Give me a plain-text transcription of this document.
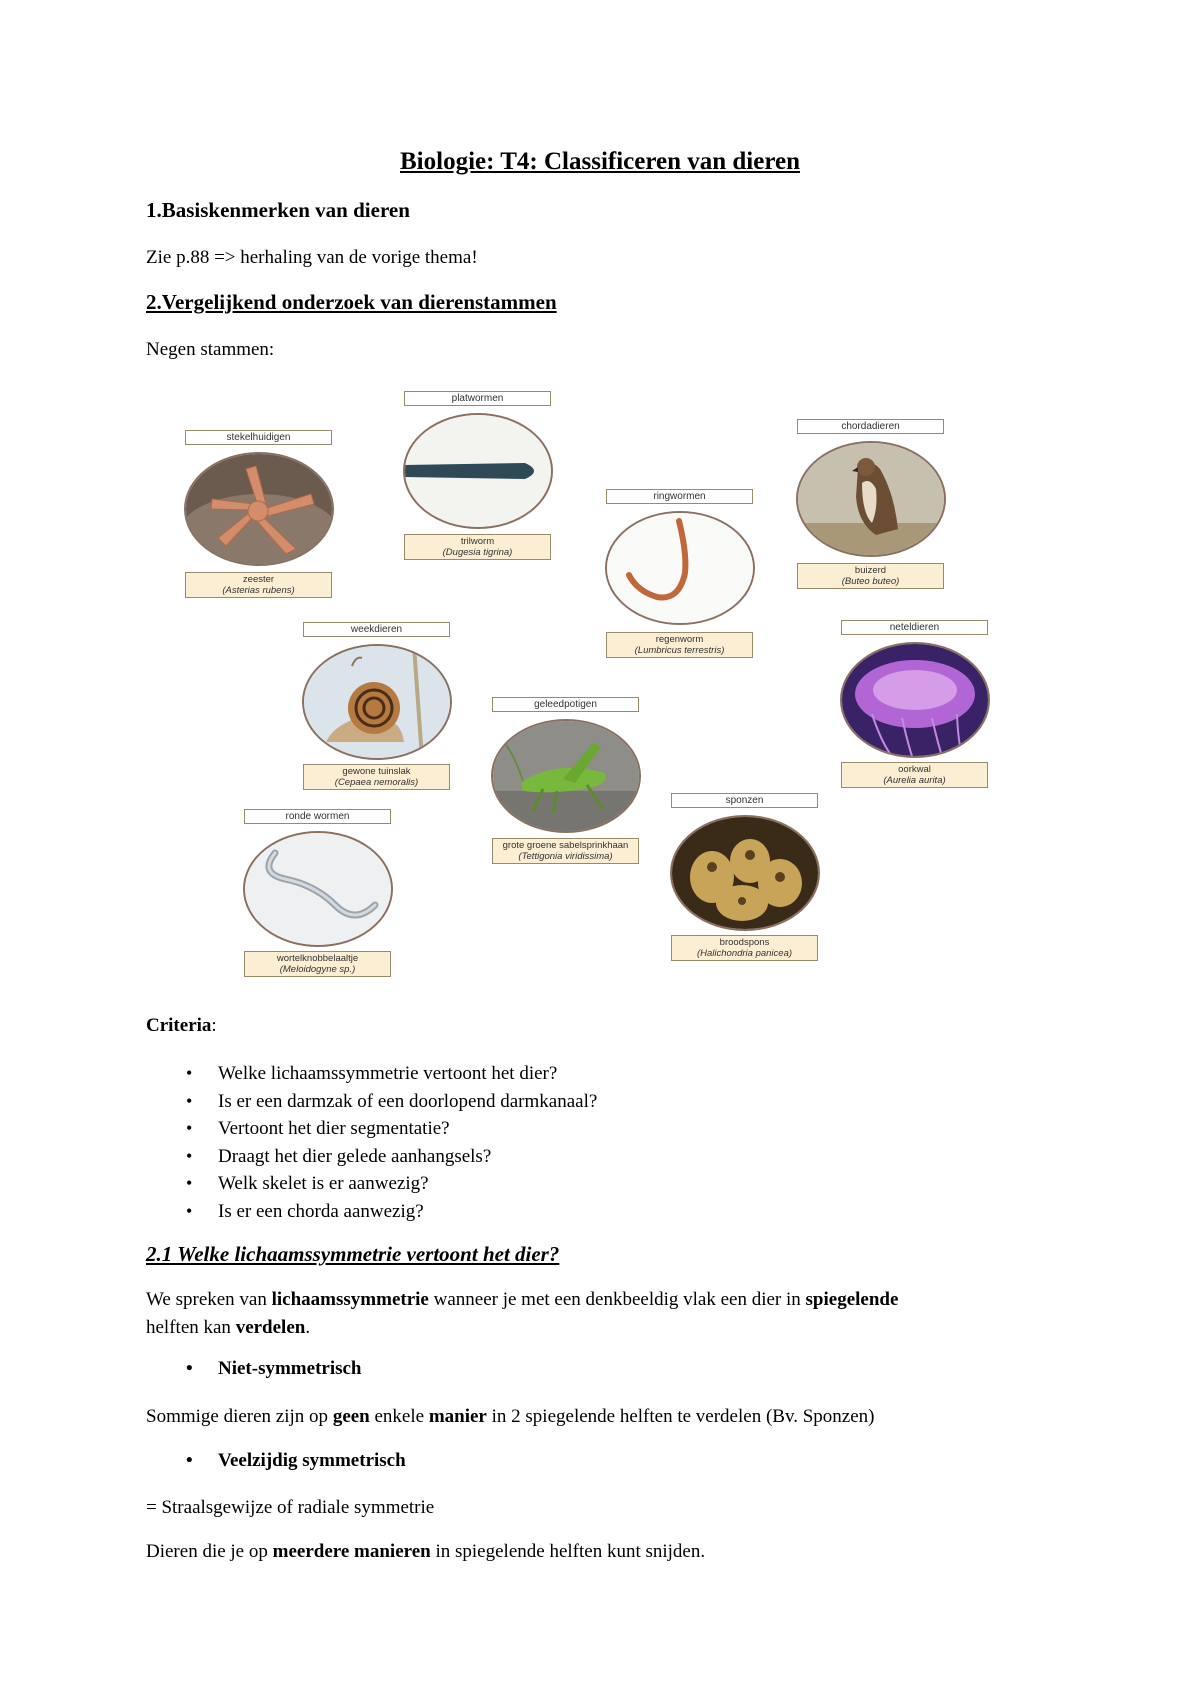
Biologie: T4: Classificeren van dieren
1.Basiskenmerken van dieren
Zie p.88 => herhaling van de vorige thema!
2.Vergelijkend onderzoek van dierenstammen
Negen stammen:
stekelhuidigen
zeester
(Asterias rubens)
platwormen
trilworm
(Dugesia tigrina)
ringwormen
regenworm
(Lumbricus terrestris)
chordadieren
buizerd
(Buteo buteo)
weekdieren
gewone tuinslak
(Cepaea nemoralis)
neteldieren
oorkwal
(Aurelia aurita)
geleedpotigen
grote groene sabelsprinkhaan
(Tettigonia viridissima)
ronde wormen
wortelknobbelaaltje
(Meloidogyne sp.)
sponzen
broodspons
(Halichondria panicea)
Criteria:
• Welke lichaamssymmetrie vertoont het dier?
• Is er een darmzak of een doorlopend darmkanaal?
• Vertoont het dier segmentatie?
• Draagt het dier gelede aanhangsels?
• Welk skelet is er aanwezig?
• Is er een chorda aanwezig?
2.1 Welke lichaamssymmetrie vertoont het dier?
We spreken van lichaamssymmetrie wanneer je met een denkbeeldig vlak een dier in spiegelende
helften kan verdelen.
• Niet-symmetrisch
Sommige dieren zijn op geen enkele manier in 2 spiegelende helften te verdelen (Bv. Sponzen)
• Veelzijdig symmetrisch
= Straalsgewijze of radiale symmetrie
Dieren die je op meerdere manieren in spiegelende helften kunt snijden.
